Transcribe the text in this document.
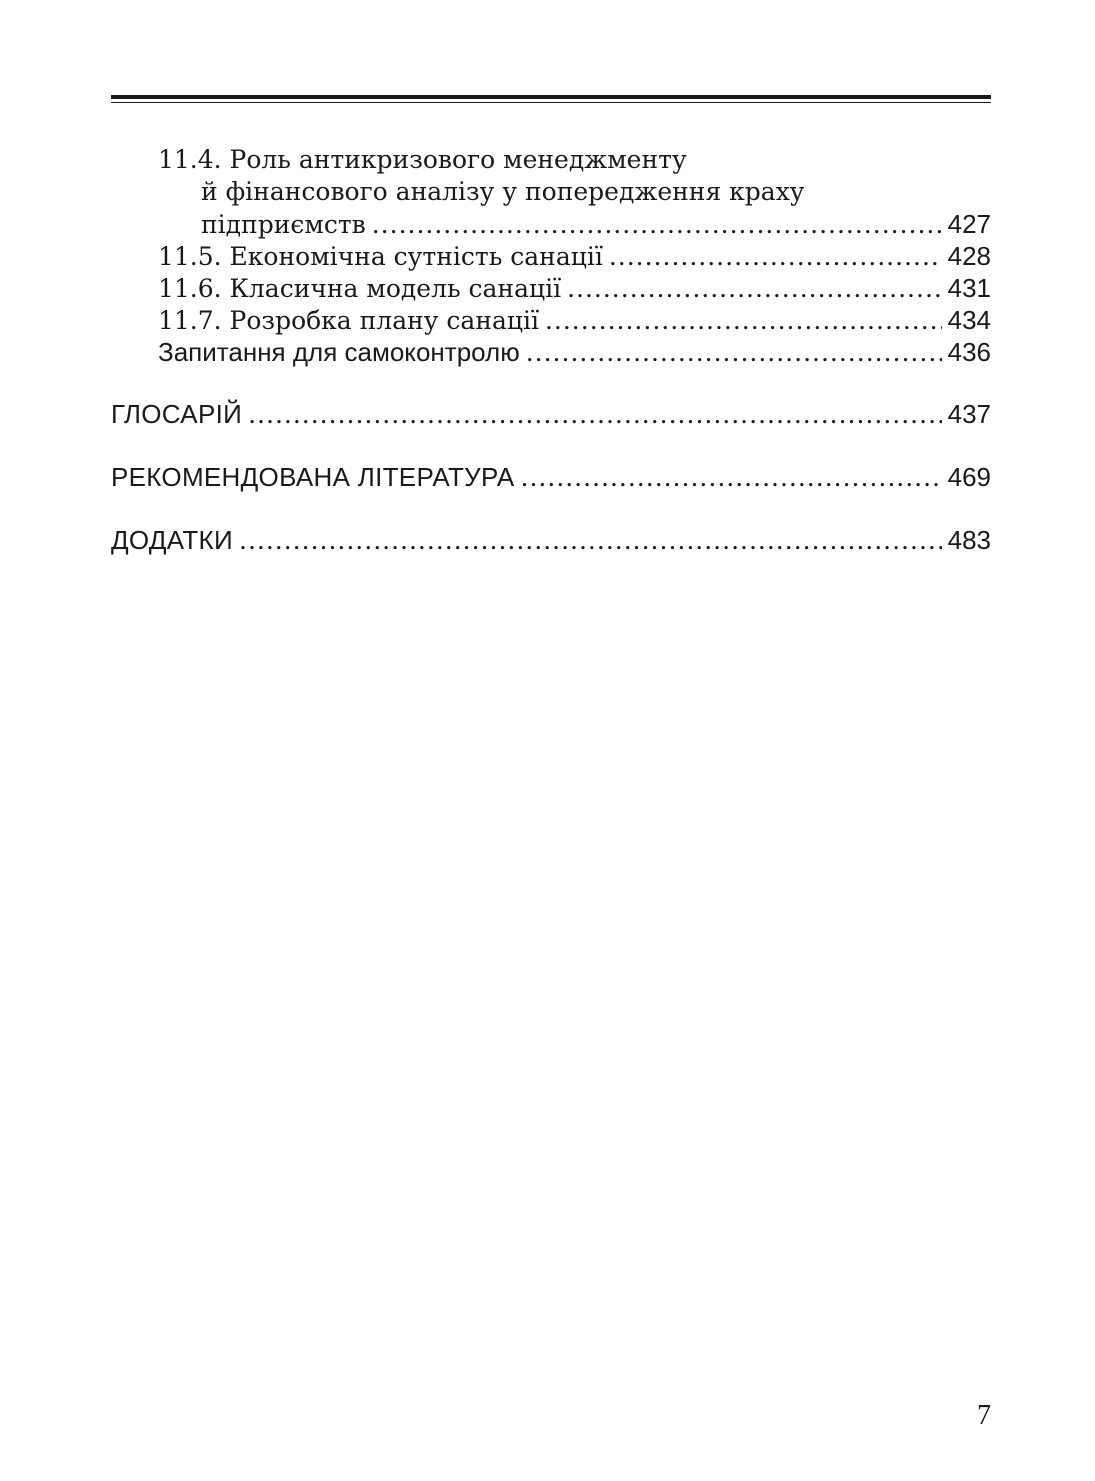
11.4. Роль антикризового менеджменту
й фінансового аналізу у попередження краху
підприємств .....	427
11.5. Економічна сутність санації .....	428
11.6. Класична модель санації .....	431
11.7. Розробка плану санації .....	434
Запитання для самоконтролю .....	436
ГЛОСАРІЙ .....	437
РЕКОМЕНДОВАНА ЛІТЕРАТУРА .....	469
ДОДАТКИ .....	483
7
